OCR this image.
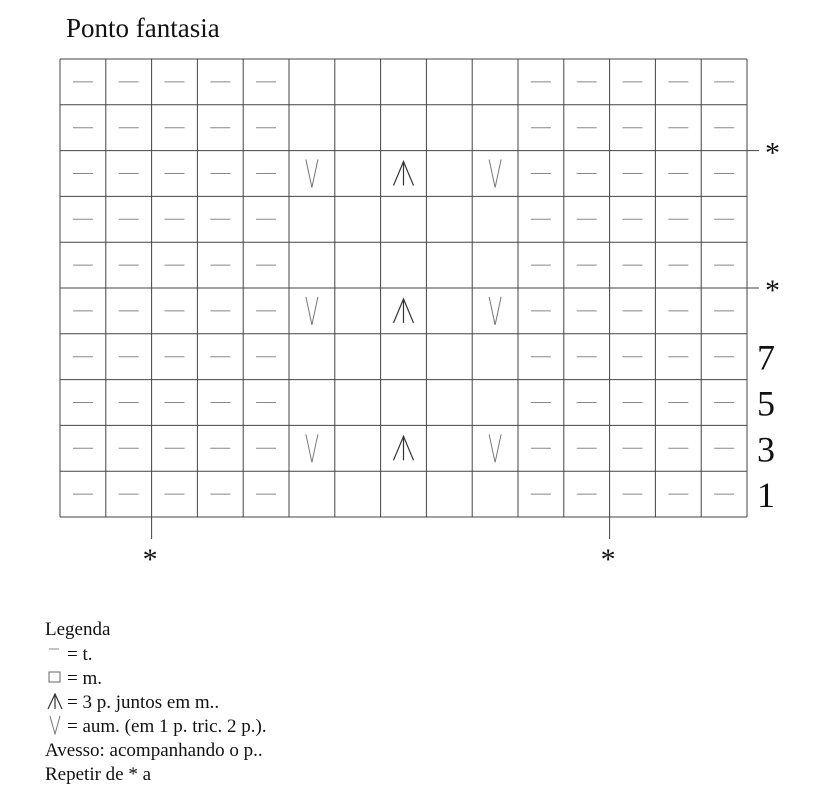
Ponto fantasia
*
*
7
5
3
1
*	*
Legenda
= t.
= m.
= 3 p. juntos em m..
= aum. (em 1 p. tric. 2 p.).
Avesso: acompanhando o p..
Repetir de * a
